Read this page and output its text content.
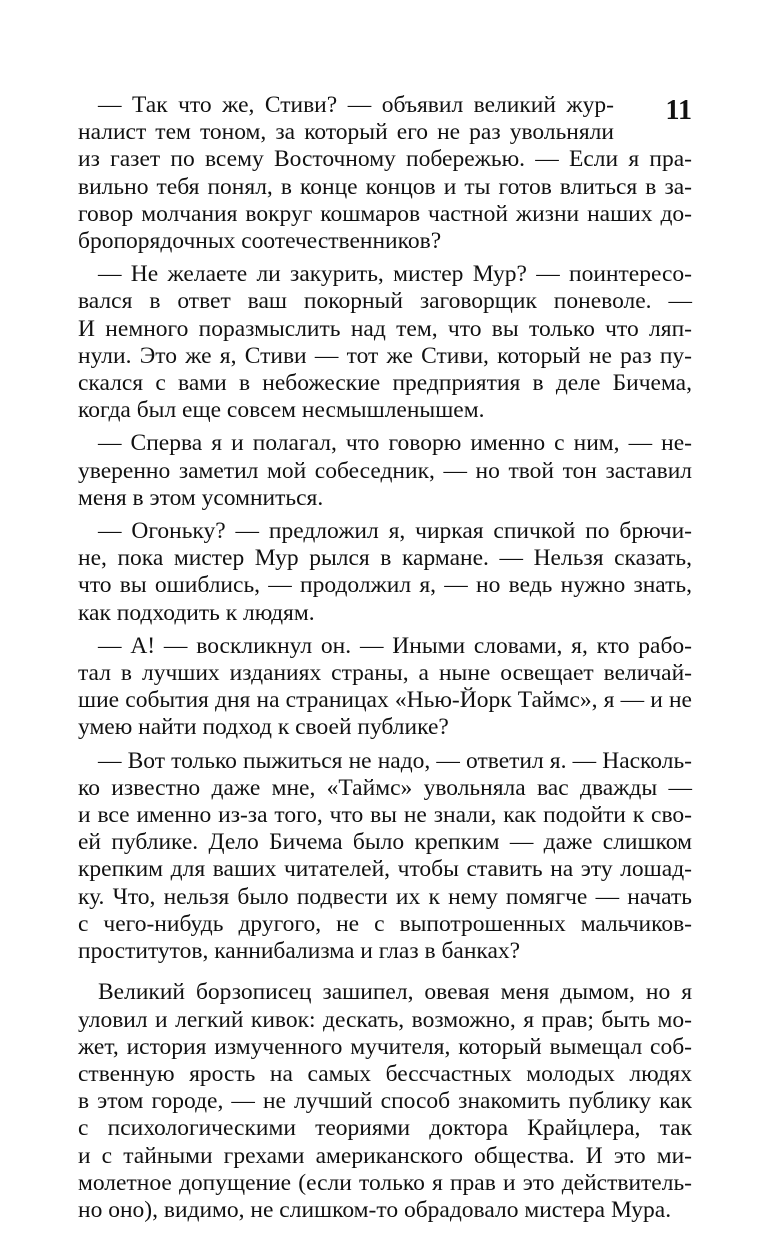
11
— Так что же, Стиви? — объявил великий жур-
налист тем тоном, за который его не раз увольняли
из газет по всему Восточному побережью. — Если я пра-
вильно тебя понял, в конце концов и ты готов влиться в за-
говор молчания вокруг кошмаров частной жизни наших до-
бропорядочных соотечественников?
— Не желаете ли закурить, мистер Мур? — поинтересо-
вался в ответ ваш покорный заговорщик поневоле. —
И немного поразмыслить над тем, что вы только что ляп-
нули. Это же я, Стиви — тот же Стиви, который не раз пу-
скался с вами в небожеские предприятия в деле Бичема,
когда был еще совсем несмышленышем.
— Сперва я и полагал, что говорю именно с ним, — не-
уверенно заметил мой собеседник, — но твой тон заставил
меня в этом усомниться.
— Огоньку? — предложил я, чиркая спичкой по брючи-
не, пока мистер Мур рылся в кармане. — Нельзя сказать,
что вы ошиблись, — продолжил я, — но ведь нужно знать,
как подходить к людям.
— А! — воскликнул он. — Иными словами, я, кто рабо-
тал в лучших изданиях страны, а ныне освещает величай-
шие события дня на страницах «Нью-Йорк Таймс», я — и не
умею найти подход к своей публике?
— Вот только пыжиться не надо, — ответил я. — Насколь-
ко известно даже мне, «Таймс» увольняла вас дважды —
и все именно из-за того, что вы не знали, как подойти к сво-
ей публике. Дело Бичема было крепким — даже слишком
крепким для ваших читателей, чтобы ставить на эту лошад-
ку. Что, нельзя было подвести их к нему помягче — начать
с чего-нибудь другого, не с выпотрошенных мальчиков-
проститутов, каннибализма и глаз в банках?
Великий борзописец зашипел, овевая меня дымом, но я
уловил и легкий кивок: дескать, возможно, я прав; быть мо-
жет, история измученного мучителя, который вымещал соб-
ственную ярость на самых бессчастных молодых людях
в этом городе, — не лучший способ знакомить публику как
с психологическими теориями доктора Крайцлера, так
и с тайными грехами американского общества. И это ми-
молетное допущение (если только я прав и это действитель-
но оно), видимо, не слишком-то обрадовало мистера Мура.
